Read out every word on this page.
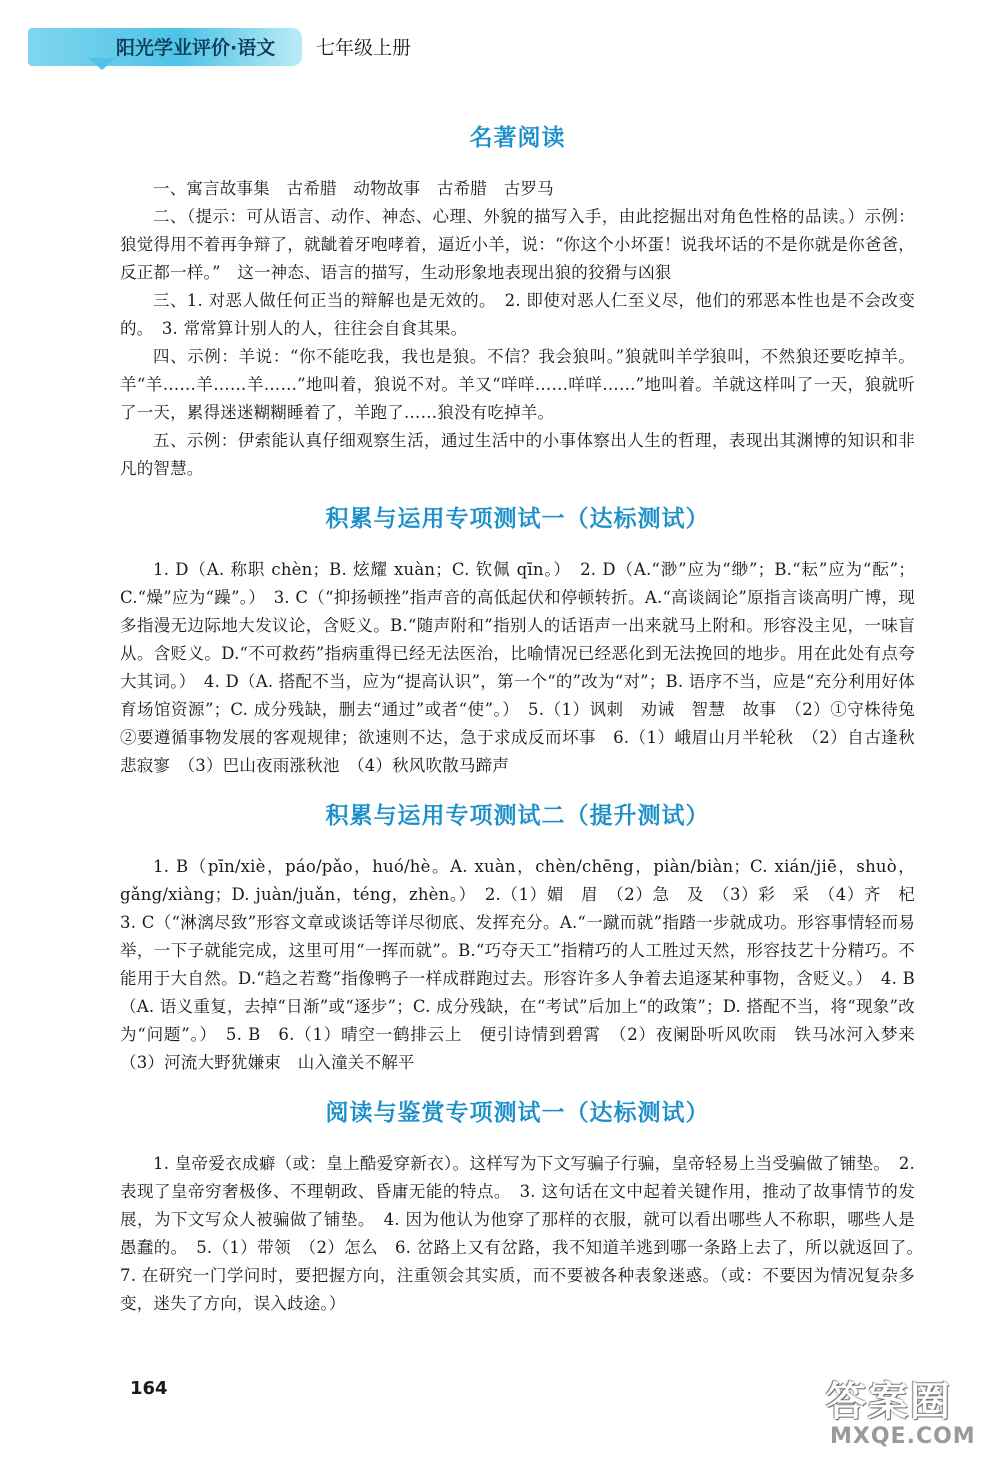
阳光学业评价·语文 七年级上册
名著阅读

一、寓言故事集　古希腊　动物故事　古希腊　古罗马

二、（提示：可从语言、动作、神态、心理、外貌的描写入手，由此挖掘出对角色性格的品读。）示例：狼觉得用不着再争辩了，就龇着牙咆哮着，逼近小羊，说：“你这个小坏蛋！说我坏话的不是你就是你爸爸，反正都一样。”　这一神态、语言的描写，生动形象地表现出狼的狡猾与凶狠

三、1. 对恶人做任何正当的辩解也是无效的。　2. 即使对恶人仁至义尽，他们的邪恶本性也是不会改变的。　3. 常常算计别人的人，往往会自食其果。

四、示例：羊说：“你不能吃我，我也是狼。不信？我会狼叫。”狼就叫羊学狼叫，不然狼还要吃掉羊。羊“羊……羊……羊……”地叫着，狼说不对。羊又“咩咩……咩咩……”地叫着。羊就这样叫了一天，狼就听了一天，累得迷迷糊糊睡着了，羊跑了……狼没有吃掉羊。

五、示例：伊索能认真仔细观察生活，通过生活中的小事体察出人生的哲理，表现出其渊博的知识和非凡的智慧。

积累与运用专项测试一（达标测试）

1. D（A. 称职 chèn；B. 炫耀 xuàn；C. 钦佩 qīn。）　2. D（A.“渺”应为“缈”；B.“耘”应为“酝”；C.“燥”应为“躁”。）　3. C（“抑扬顿挫”指声音的高低起伏和停顿转折。A.“高谈阔论”原指言谈高明广博，现多指漫无边际地大发议论，含贬义。B.“随声附和”指别人的话语声一出来就马上附和。形容没主见，一味盲从。含贬义。D.“不可救药”指病重得已经无法医治，比喻情况已经恶化到无法挽回的地步。用在此处有点夸大其词。）　4. D（A. 搭配不当，应为“提高认识”，第一个“的”改为“对”；B. 语序不当，应是“充分利用好体育场馆资源”；C. 成分残缺，删去“通过”或者“使”。）　5.（1）讽刺　劝诫　智慧　故事　（2）①守株待兔　②要遵循事物发展的客观规律；欲速则不达，急于求成反而坏事　6.（1）峨眉山月半轮秋　（2）自古逢秋悲寂寥　（3）巴山夜雨涨秋池　（4）秋风吹散马蹄声

积累与运用专项测试二（提升测试）

1. B（pīn/xiè，páo/pǎo，huó/hè。A. xuàn，chèn/chēng，piàn/biàn；C. xián/jiē，shuò，gǎng/xiàng；D. juàn/juǎn，téng，zhèn。）　2.（1）媚　眉　（2）急　及　（3）彩　采　（4）齐　杞　3. C（“淋漓尽致”形容文章或谈话等详尽彻底、发挥充分。A.“一蹴而就”指踏一步就成功。形容事情轻而易举，一下子就能完成，这里可用“一挥而就”。B.“巧夺天工”指精巧的人工胜过天然，形容技艺十分精巧。不能用于大自然。D.“趋之若鹜”指像鸭子一样成群跑过去。形容许多人争着去追逐某种事物，含贬义。）　4. B（A. 语义重复，去掉“日渐”或“逐步”；C. 成分残缺，在“考试”后加上“的政策”；D. 搭配不当，将“现象”改为“问题”。）　5. B　6.（1）晴空一鹤排云上　便引诗情到碧霄　（2）夜阑卧听风吹雨　铁马冰河入梦来　（3）河流大野犹嫌束　山入潼关不解平

阅读与鉴赏专项测试一（达标测试）

1. 皇帝爱衣成癖（或：皇上酷爱穿新衣）。这样写为下文写骗子行骗，皇帝轻易上当受骗做了铺垫。　2. 表现了皇帝穷奢极侈、不理朝政、昏庸无能的特点。　3. 这句话在文中起着关键作用，推动了故事情节的发展，为下文写众人被骗做了铺垫。　4. 因为他认为他穿了那样的衣服，就可以看出哪些人不称职，哪些人是愚蠢的。　5.（1）带领　（2）怎么　6. 岔路上又有岔路，我不知道羊逃到哪一条路上去了，所以就返回了。　7. 在研究一门学问时，要把握方向，注重领会其实质，而不要被各种表象迷惑。（或：不要因为情况复杂多变，迷失了方向，误入歧途。）

164	答案圈
MXQE.COM
